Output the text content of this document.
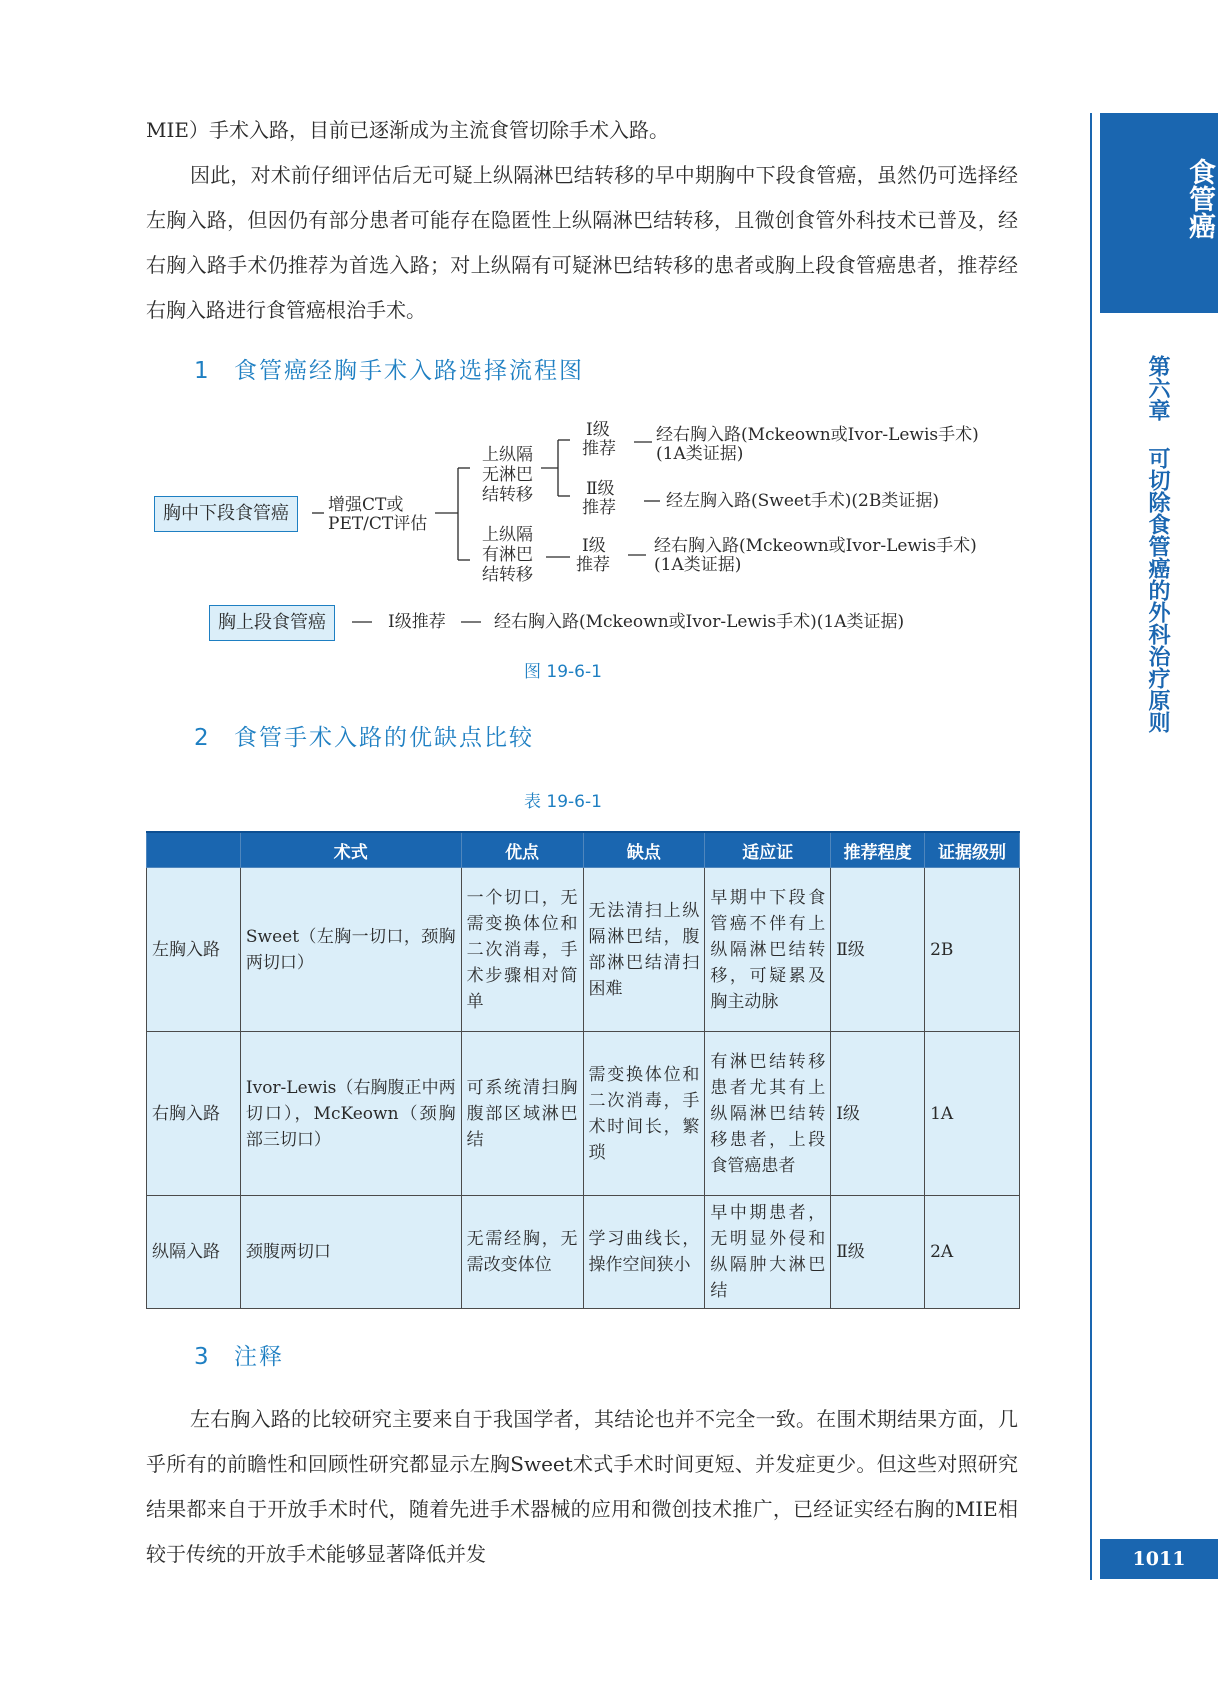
MIE）手术入路，目前已逐渐成为主流食管切除手术入路。

因此，对术前仔细评估后无可疑上纵隔淋巴结转移的早中期胸中下段食管癌，虽然仍可选择经左胸入路，但因仍有部分患者可能存在隐匿性上纵隔淋巴结转移，且微创食管外科技术已普及，经右胸入路手术仍推荐为首选入路；对上纵隔有可疑淋巴结转移的患者或胸上段食管癌患者，推荐经右胸入路进行食管癌根治手术。

1 食管癌经胸手术入路选择流程图

胸中下段食管癌	增强CT或
PET/CT评估
上纵隔
无淋巴
结转移
上纵隔
有淋巴
结转移
Ⅰ级
推荐
Ⅱ级
推荐
Ⅰ级
推荐
经右胸入路(Mckeown或Ivor-Lewis手术)
(1A类证据)
经左胸入路(Sweet手术)(2B类证据)
经右胸入路(Mckeown或Ivor-Lewis手术)
(1A类证据)
胸上段食管癌	Ⅰ级推荐	经右胸入路(Mckeown或Ivor-Lewis手术)(1A类证据)

图 19-6-1

2 食管手术入路的优缺点比较

表 19-6-1

	术式	优点	缺点	适应证	推荐程度	证据级别
左胸入路	Sweet（左胸一切口，颈胸两切口）	一个切口，无需变换体位和二次消毒，手术步骤相对简单	无法清扫上纵隔淋巴结，腹部淋巴结清扫困难	早期中下段食管癌不伴有上纵隔淋巴结转移，可疑累及胸主动脉	Ⅱ级	2B
右胸入路	Ivor-Lewis（右胸腹正中两切口），McKeown（颈胸部三切口）	可系统清扫胸腹部区域淋巴结	需变换体位和二次消毒，手术时间长，繁琐	有淋巴结转移患者尤其有上纵隔淋巴结转移患者，上段食管癌患者	Ⅰ级	1A
纵隔入路	颈腹两切口	无需经胸，无需改变体位	学习曲线长，操作空间狭小	早中期患者，无明显外侵和纵隔肿大淋巴结	Ⅱ级	2A

3 注释

左右胸入路的比较研究主要来自于我国学者，其结论也并不完全一致。在围术期结果方面，几乎所有的前瞻性和回顾性研究都显示左胸Sweet术式手术时间更短、并发症更少。但这些对照研究结果都来自于开放手术时代，随着先进手术器械的应用和微创技术推广，已经证实经右胸的MIE相较于传统的开放手术能够显著降低并发

食管癌
第六章 可切除食管癌的外科治疗原则
1011
